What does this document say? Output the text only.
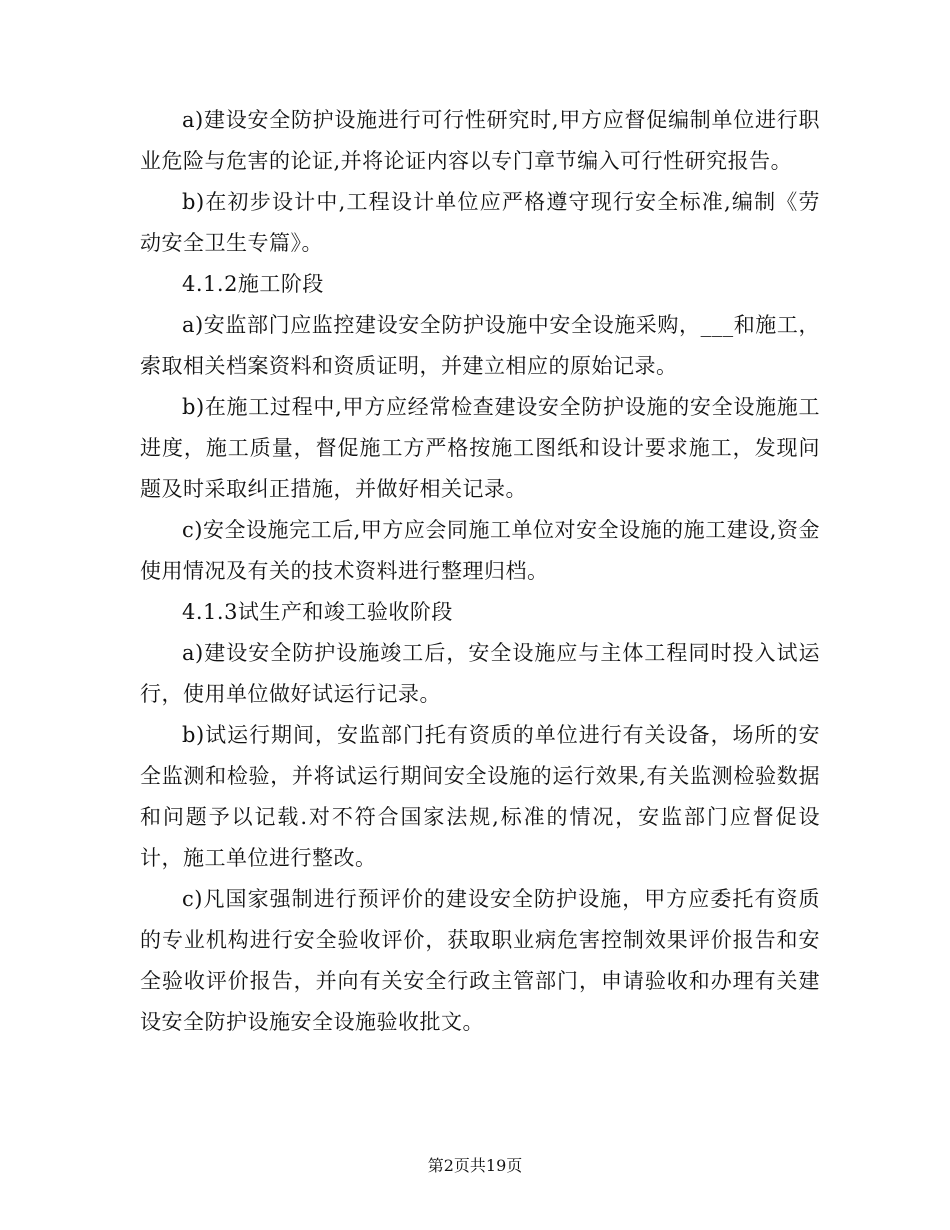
a)建设安全防护设施进行可行性研究时,甲方应督促编制单位进行职业危险与危害的论证,并将论证内容以专门章节编入可行性研究报告。

b)在初步设计中,工程设计单位应严格遵守现行安全标准,编制《劳动安全卫生专篇》。

4.1.2施工阶段

a)安监部门应监控建设安全防护设施中安全设施采购，___和施工，索取相关档案资料和资质证明，并建立相应的原始记录。

b)在施工过程中,甲方应经常检查建设安全防护设施的安全设施施工进度，施工质量，督促施工方严格按施工图纸和设计要求施工，发现问题及时采取纠正措施，并做好相关记录。

c)安全设施完工后,甲方应会同施工单位对安全设施的施工建设,资金使用情况及有关的技术资料进行整理归档。

4.1.3试生产和竣工验收阶段

a)建设安全防护设施竣工后，安全设施应与主体工程同时投入试运行，使用单位做好试运行记录。

b)试运行期间，安监部门托有资质的单位进行有关设备，场所的安全监测和检验，并将试运行期间安全设施的运行效果,有关监测检验数据和问题予以记载.对不符合国家法规,标准的情况，安监部门应督促设计，施工单位进行整改。

c)凡国家强制进行预评价的建设安全防护设施，甲方应委托有资质的专业机构进行安全验收评价，获取职业病危害控制效果评价报告和安全验收评价报告，并向有关安全行政主管部门，申请验收和办理有关建设安全防护设施安全设施验收批文。

第2页共19页
